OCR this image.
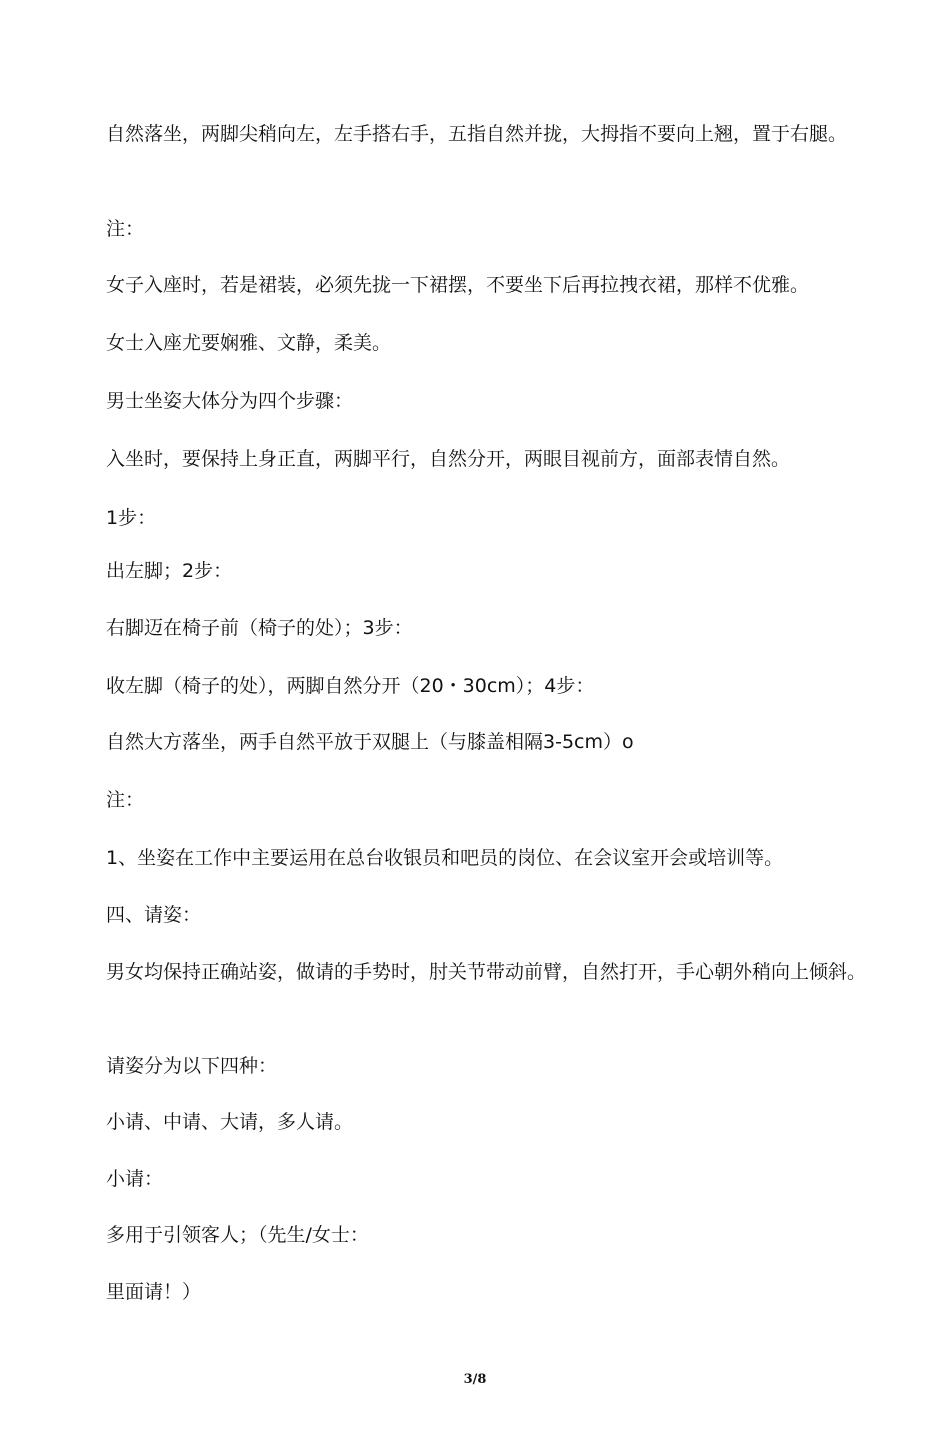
自然落坐，两脚尖稍向左，左手搭右手，五指自然并拢，大拇指不要向上翘，置于右腿。

注：

女子入座时，若是裙装，必须先拢一下裙摆，不要坐下后再拉拽衣裙，那样不优雅。

女士入座尤要娴雅、文静，柔美。

男士坐姿大体分为四个步骤：

入坐时，要保持上身正直，两脚平行，自然分开，两眼目视前方，面部表情自然。

1步：

出左脚；2步：

右脚迈在椅子前（椅子的处）；3步：

收左脚（椅子的处），两脚自然分开（20・30cm）；4步：

自然大方落坐，两手自然平放于双腿上（与膝盖相隔3-5cm）o

注：

1、坐姿在工作中主要运用在总台收银员和吧员的岗位、在会议室开会或培训等。

四、请姿：

男女均保持正确站姿，做请的手势时，肘关节带动前臂，自然打开，手心朝外稍向上倾斜。

请姿分为以下四种：

小请、中请、大请，多人请。

小请：

多用于引领客人；（先生/女士：

里面请！）

3/8
